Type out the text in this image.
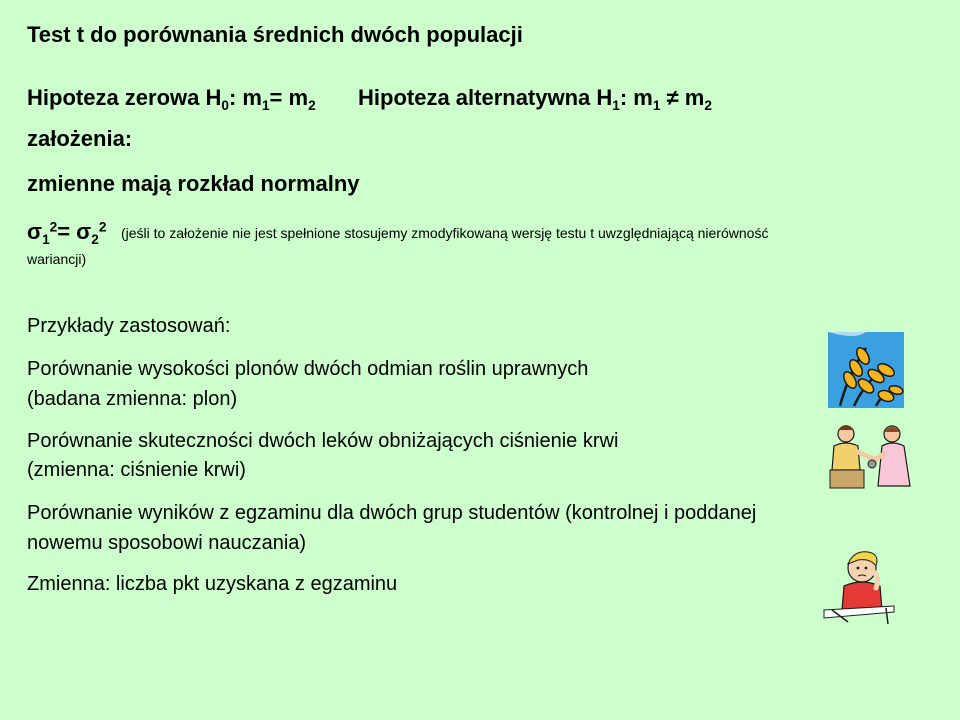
Test t do porównania średnich dwóch populacji
Hipoteza zerowa $H_0$: $m_1= m_2$ Hipoteza alternatywna $H_1$: $m_1 \ne m_2$
założenia:
zmienne mają rozkład normalny
$\sigma_1^2= \sigma_2^2$ (jeśli to założenie nie jest spełnione stosujemy zmodyfikowaną wersję testu t uwzględniającą nierówność
wariancji)
Przykłady zastosowań:
Porównanie wysokości plonów dwóch odmian roślin uprawnych
(badana zmienna: plon)
Porównanie skuteczności dwóch leków obniżających ciśnienie krwi
(zmienna: ciśnienie krwi)
Porównanie wyników z egzaminu dla dwóch grup studentów (kontrolnej i poddanej
nowemu sposobowi nauczania)
Zmienna: liczba pkt uzyskana z egzaminu
